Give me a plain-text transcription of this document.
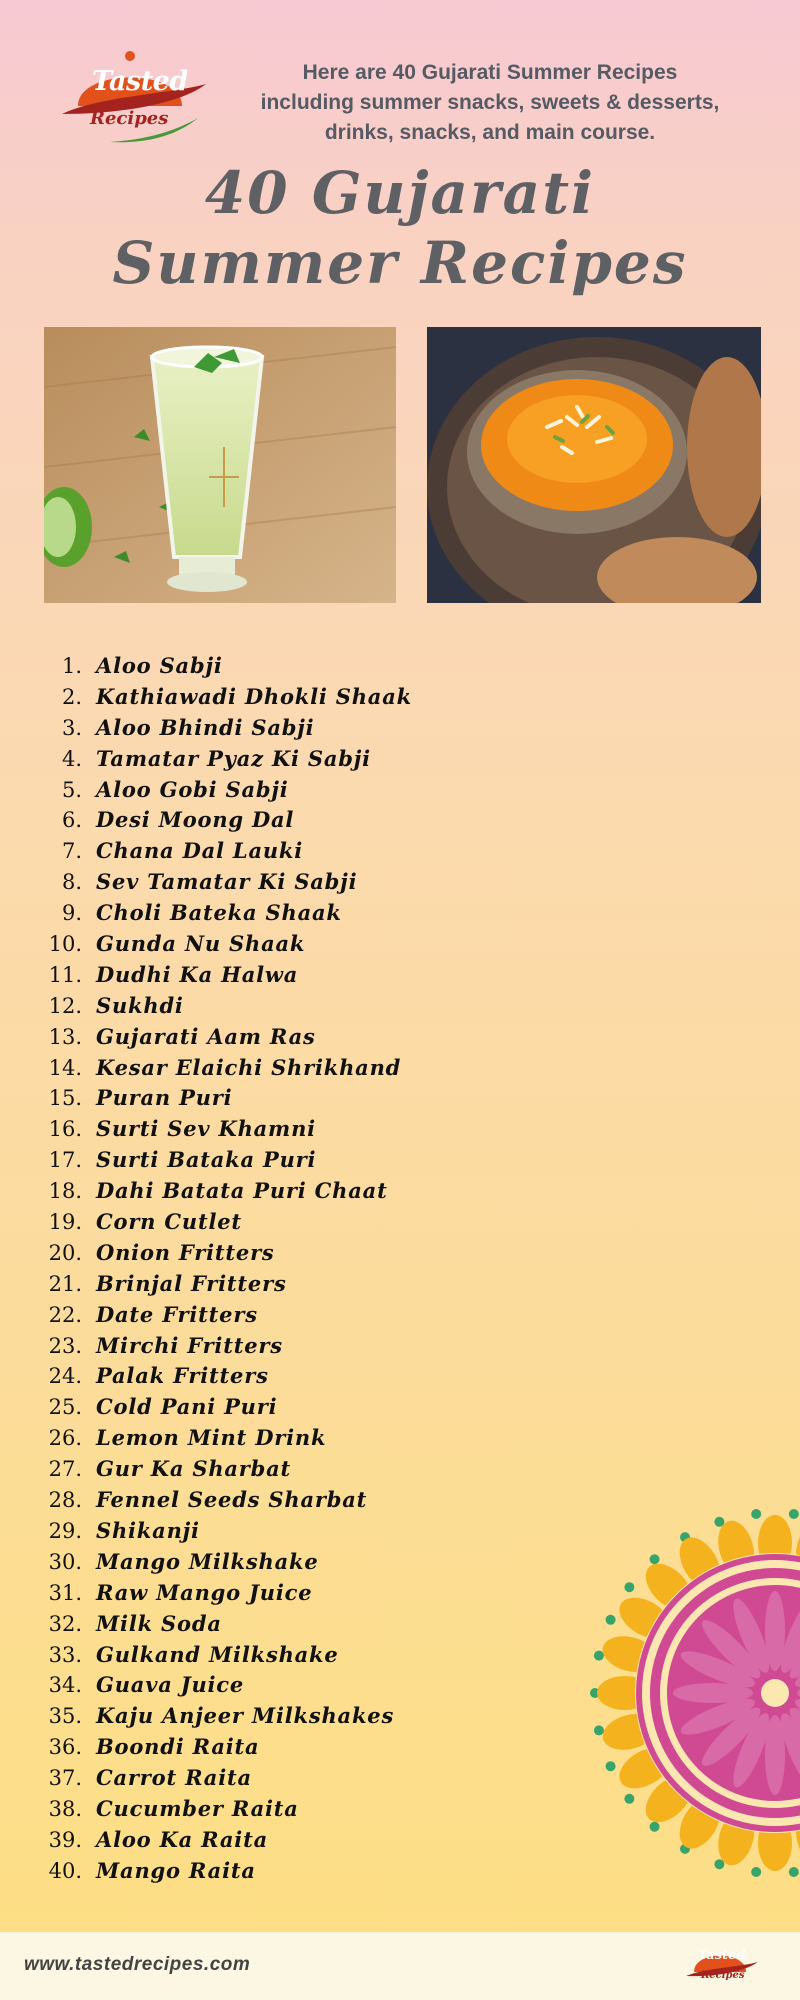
Tasted
Recipes
Here are 40 Gujarati Summer Recipes
including summer snacks, sweets & desserts,
drinks, snacks, and main course.
40 Gujarati
Summer Recipes
1. Aloo Sabji
2. Kathiawadi Dhokli Shaak
3. Aloo Bhindi Sabji
4. Tamatar Pyaz Ki Sabji
5. Aloo Gobi Sabji
6. Desi Moong Dal
7. Chana Dal Lauki
8. Sev Tamatar Ki Sabji
9. Choli Bateka Shaak
10. Gunda Nu Shaak
11. Dudhi Ka Halwa
12. Sukhdi
13. Gujarati Aam Ras
14. Kesar Elaichi Shrikhand
15. Puran Puri
16. Surti Sev Khamni
17. Surti Bataka Puri
18. Dahi Batata Puri Chaat
19. Corn Cutlet
20. Onion Fritters
21. Brinjal Fritters
22. Date Fritters
23. Mirchi Fritters
24. Palak Fritters
25. Cold Pani Puri
26. Lemon Mint Drink
27. Gur Ka Sharbat
28. Fennel Seeds Sharbat
29. Shikanji
30. Mango Milkshake
31. Raw Mango Juice
32. Milk Soda
33. Gulkand Milkshake
34. Guava Juice
35. Kaju Anjeer Milkshakes
36. Boondi Raita
37. Carrot Raita
38. Cucumber Raita
39. Aloo Ka Raita
40. Mango Raita
www.tastedrecipes.com	Tasted
Recipes
